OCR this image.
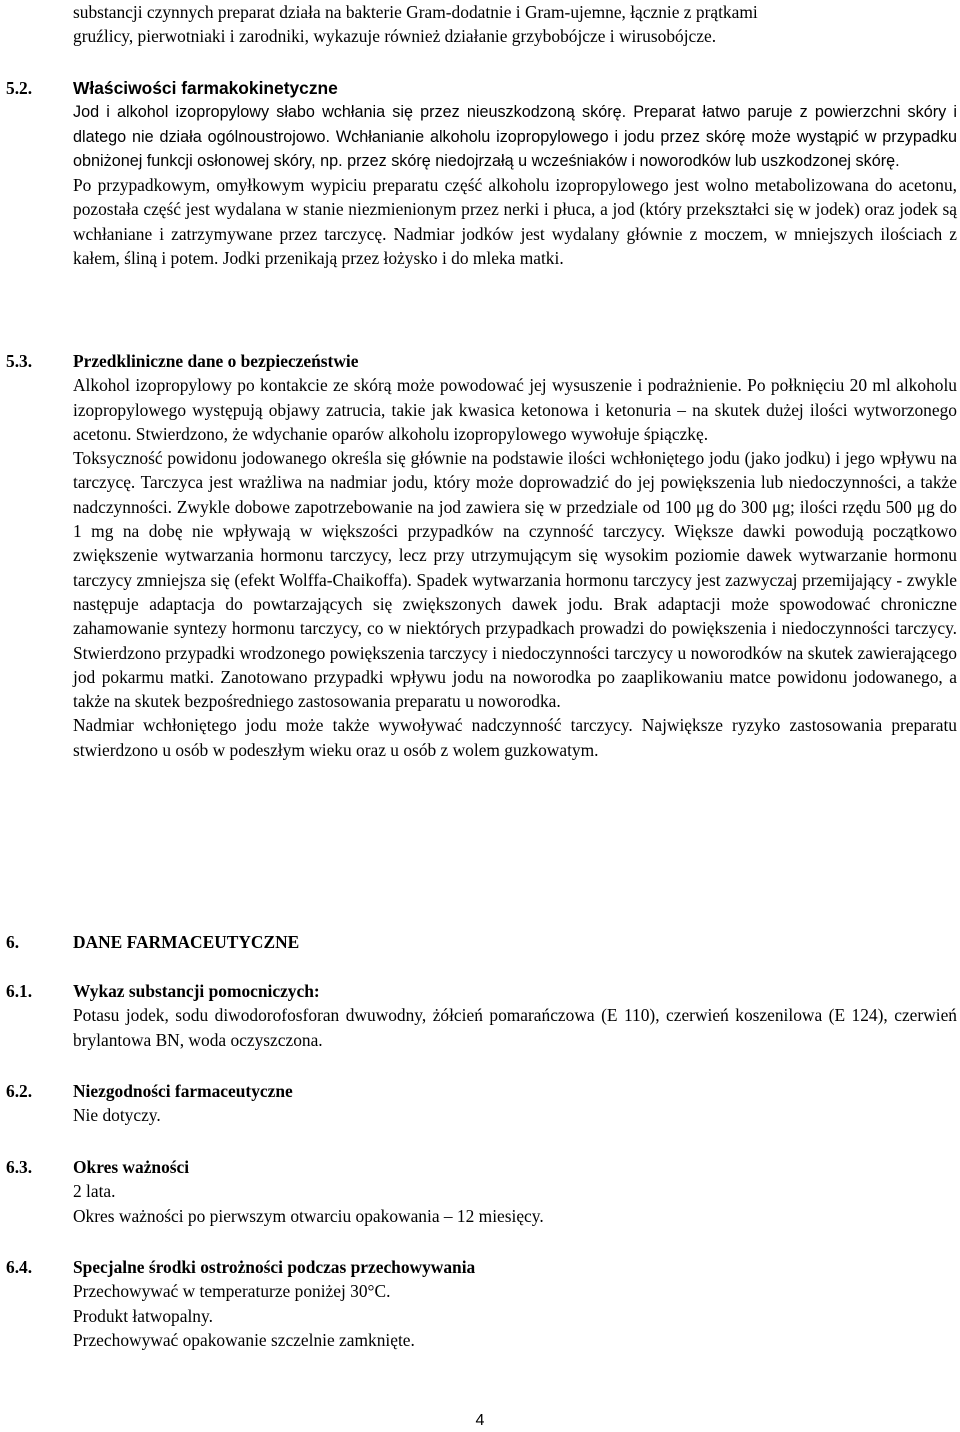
substancji czynnych preparat działa na bakterie Gram-dodatnie i Gram-ujemne, łącznie z prątkami

gruźlicy, pierwotniaki i zarodniki, wykazuje również działanie grzybobójcze i wirusobójcze.

5.2. Właściwości farmakokinetyczne

Jod i alkohol izopropylowy słabo wchłania się przez nieuszkodzoną skórę. Preparat łatwo paruje z powierzchni skóry i dlatego nie działa ogólnoustrojowo. Wchłanianie alkoholu izopropylowego i jodu przez skórę może wystąpić w przypadku obniżonej funkcji osłonowej skóry, np. przez skórę niedojrzałą u wcześniaków i noworodków lub uszkodzonej skórę.

Po przypadkowym, omyłkowym wypiciu preparatu część alkoholu izopropylowego jest wolno metabolizowana do acetonu, pozostała część jest wydalana w stanie niezmienionym przez nerki i płuca, a jod (który przekształci się w jodek) oraz jodek są wchłaniane i zatrzymywane przez tarczycę. Nadmiar jodków jest wydalany głównie z moczem, w mniejszych ilościach z kałem, śliną i potem. Jodki przenikają przez łożysko i do mleka matki.

5.3. Przedkliniczne dane o bezpieczeństwie

Alkohol izopropylowy po kontakcie ze skórą może powodować jej wysuszenie i podrażnienie. Po połknięciu 20 ml alkoholu izopropylowego występują objawy zatrucia, takie jak kwasica ketonowa i ketonuria – na skutek dużej ilości wytworzonego acetonu. Stwierdzono, że wdychanie oparów alkoholu izopropylowego wywołuje śpiączkę.

Toksyczność powidonu jodowanego określa się głównie na podstawie ilości wchłoniętego jodu (jako jodku) i jego wpływu na tarczycę. Tarczyca jest wrażliwa na nadmiar jodu, który może doprowadzić do jej powiększenia lub niedoczynności, a także nadczynności. Zwykle dobowe zapotrzebowanie na jod zawiera się w przedziale od 100 μg do 300 μg; ilości rzędu 500 μg do 1 mg na dobę nie wpływają w większości przypadków na czynność tarczycy. Większe dawki powodują początkowo zwiększenie wytwarzania hormonu tarczycy, lecz przy utrzymującym się wysokim poziomie dawek wytwarzanie hormonu tarczycy zmniejsza się (efekt Wolffa-Chaikoffa). Spadek wytwarzania hormonu tarczycy jest zazwyczaj przemijający - zwykle następuje adaptacja do powtarzających się zwiększonych dawek jodu. Brak adaptacji może spowodować chroniczne zahamowanie syntezy hormonu tarczycy, co w niektórych przypadkach prowadzi do powiększenia i niedoczynności tarczycy. Stwierdzono przypadki wrodzonego powiększenia tarczycy i niedoczynności tarczycy u noworodków na skutek zawierającego jod pokarmu matki. Zanotowano przypadki wpływu jodu na noworodka po zaaplikowaniu matce powidonu jodowanego, a także na skutek bezpośredniego zastosowania preparatu u noworodka.

Nadmiar wchłoniętego jodu może także wywoływać nadczynność tarczycy. Największe ryzyko zastosowania preparatu stwierdzono u osób w podeszłym wieku oraz u osób z wolem guzkowatym.

6.	DANE FARMACEUTYCZNE

6.1. Wykaz substancji pomocniczych:

Potasu jodek, sodu diwodorofosforan dwuwodny, żółcień pomarańczowa (E 110), czerwień koszenilowa (E 124), czerwień brylantowa BN, woda oczyszczona.

6.2. Niezgodności farmaceutyczne

Nie dotyczy.

6.3. Okres ważności

2 lata.

Okres ważności po pierwszym otwarciu opakowania – 12 miesięcy.

6.4. Specjalne środki ostrożności podczas przechowywania

Przechowywać w temperaturze poniżej 30°C.

Produkt łatwopalny.

Przechowywać opakowanie szczelnie zamknięte.

4
